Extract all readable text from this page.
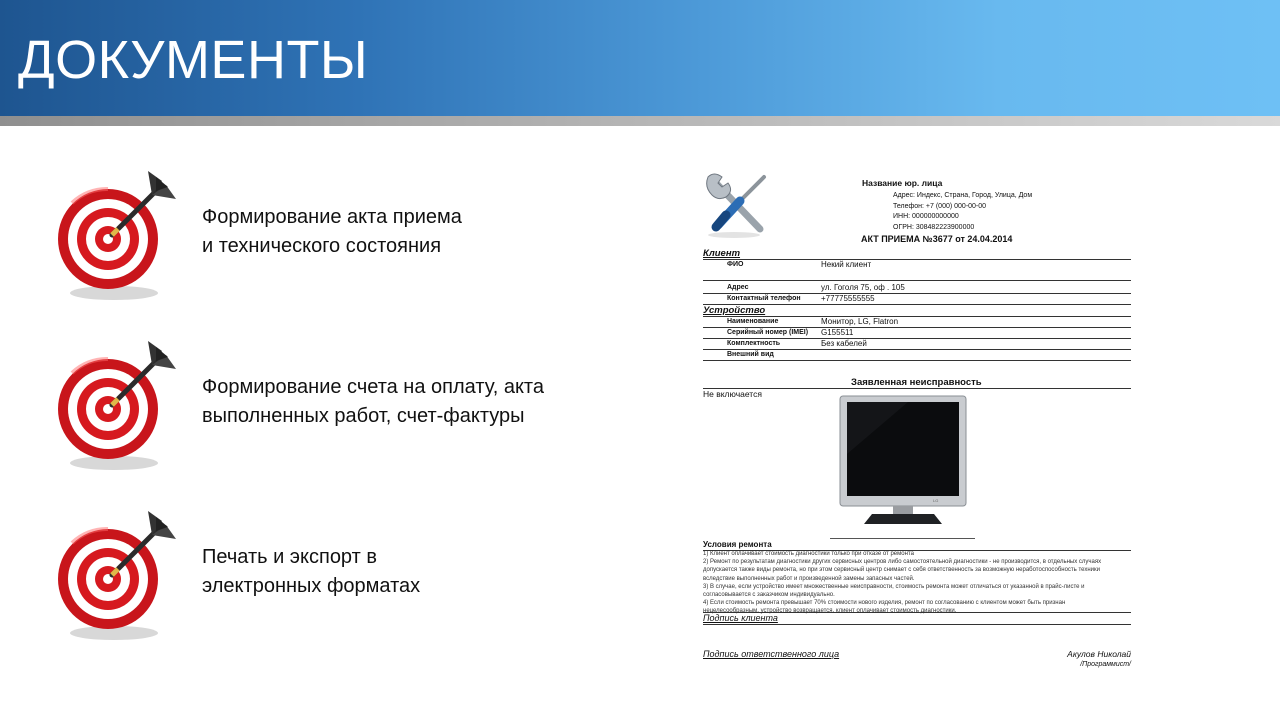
ДОКУМЕНТЫ
Формирование акта приема
и технического состояния
Формирование счета на оплату, акта
выполненных работ, счет-фактуры
Печать и экспорт в
электронных форматах
Название юр. лица
Адрес: Индекс, Страна, Город, Улица, Дом
Телефон: +7 (000) 000-00-00
ИНН: 000000000000
ОГРН: 308482223900000
АКТ ПРИЕМА №3677 от 24.04.2014
Клиент
ФИО	Некий клиент
Адрес	ул. Гоголя 75, оф . 105
Контактный телефон	+77775555555
Устройство
Наименование	Монитор, LG, Flatron
Серийный номер (IMEI) G155511
Комплектность	Без кабелей
Внешний вид
Заявленная неисправность
Не включается
LG
Условия ремонта
1) Клиент оплачивает стоимость диагностики только при отказе от ремонта
2) Ремонт по результатам диагностики других сервисных центров либо самостоятельной диагностики - не производится, в отдельных случаях
допускается также виды ремонта, но при этом сервисный центр снимает с себя ответственность за возможную неработоспособность техники
вследствие выполненных работ и произведенной замены запасных частей.
3) В случае, если устройство имеет множественные неисправности, стоимость ремонта может отличаться от указанной в прайс-листе и
согласовывается с заказчиком индивидуально.
4) Если стоимость ремонта превышает 70% стоимости нового изделия, ремонт по согласованию с клиентом может быть признан
нецелесообразным, устройство возвращается, клиент оплачивает стоимость диагностики.
Подпись клиента
Подпись ответственного лица	Акулов Николай
/Программист/
